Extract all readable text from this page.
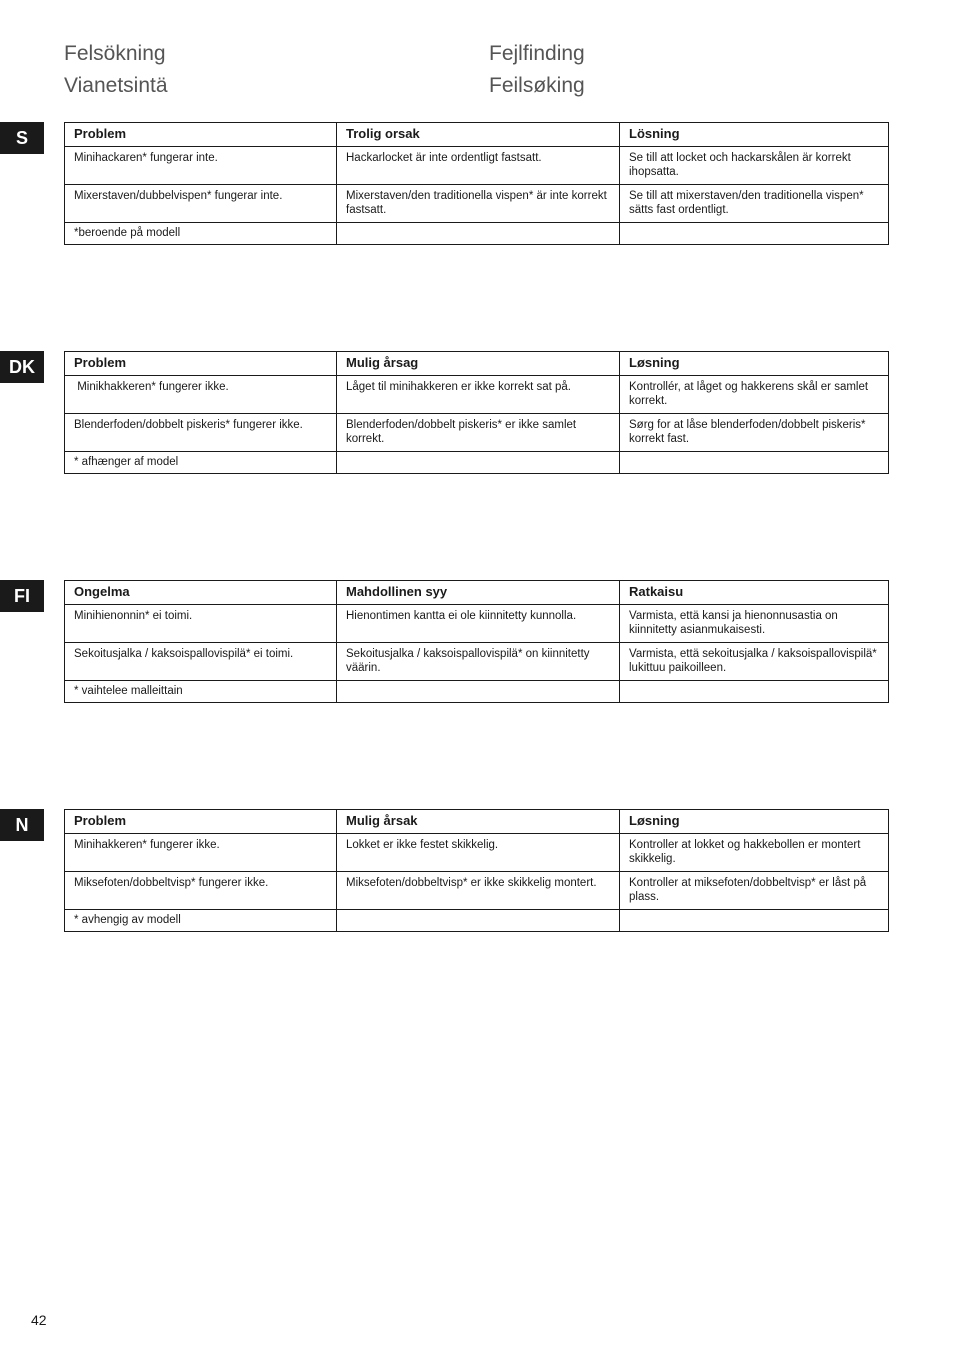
Felsökning	Fejlfinding
Vianetsintä	Feilsøking
S	Problem	Trolig orsak	Lösning
Minihackaren* fungerar inte.	Hackarlocket är inte ordentligt fastsatt.	Se till att locket och hackarskålen är korrekt ihopsatta.
Mixerstaven/dubbelvispen* fungerar inte.	Mixerstaven/den traditionella vispen* är inte korrekt fastsatt.	Se till att mixerstaven/den traditionella vispen* sätts fast ordentligt.
*beroende på modell		
DK	Problem	Mulig årsag	Løsning
Minikhakkeren* fungerer ikke.	Låget til minihakkeren er ikke korrekt sat på.	Kontrollér, at låget og hakkerens skål er samlet korrekt.
Blenderfoden/dobbelt piskeris* fungerer ikke.	Blenderfoden/dobbelt piskeris* er ikke samlet korrekt.	Sørg for at låse blenderfoden/dobbelt piskeris* korrekt fast.
* afhænger af model		
FI	Ongelma	Mahdollinen syy	Ratkaisu
Minihienonnin* ei toimi.	Hienontimen kantta ei ole kiinnitetty kunnolla.	Varmista, että kansi ja hienonnusastia on kiinnitetty asianmukaisesti.
Sekoitusjalka / kaksoispallovispilä* ei toimi.	Sekoitusjalka / kaksoispallovispilä* on kiinnitetty väärin.	Varmista, että sekoitusjalka / kaksoispallovispilä* lukittuu paikoilleen.
* vaihtelee malleittain		
N	Problem	Mulig årsak	Løsning
Minihakkeren* fungerer ikke.	Lokket er ikke festet skikkelig.	Kontroller at lokket og hakkebollen er montert skikkelig.
Miksefoten/dobbeltvisp* fungerer ikke.	Miksefoten/dobbeltvisp* er ikke skikkelig montert.	Kontroller at miksefoten/dobbeltvisp* er låst på plass.
* avhengig av modell		
42
